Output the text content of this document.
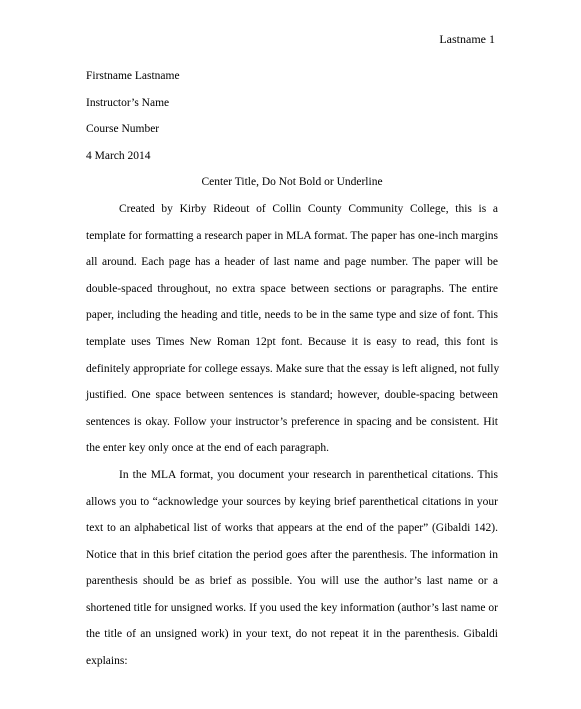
Lastname 1
Firstname Lastname
Instructor’s Name
Course Number
4 March 2014
Center Title, Do Not Bold or Underline
Created by Kirby Rideout of Collin County Community College, this is a
template for formatting a research paper in MLA format. The paper has one-inch margins
all around. Each page has a header of last name and page number. The paper will be
double-spaced throughout, no extra space between sections or paragraphs. The entire
paper, including the heading and title, needs to be in the same type and size of font. This
template uses Times New Roman 12pt font. Because it is easy to read, this font is
definitely appropriate for college essays. Make sure that the essay is left aligned, not fully
justified. One space between sentences is standard; however, double-spacing between
sentences is okay. Follow your instructor’s preference in spacing and be consistent. Hit
the enter key only once at the end of each paragraph.
In the MLA format, you document your research in parenthetical citations. This
allows you to “acknowledge your sources by keying brief parenthetical citations in your
text to an alphabetical list of works that appears at the end of the paper” (Gibaldi 142).
Notice that in this brief citation the period goes after the parenthesis. The information in
parenthesis should be as brief as possible. You will use the author’s last name or a
shortened title for unsigned works. If you used the key information (author’s last name or
the title of an unsigned work) in your text, do not repeat it in the parenthesis. Gibaldi
explains:
